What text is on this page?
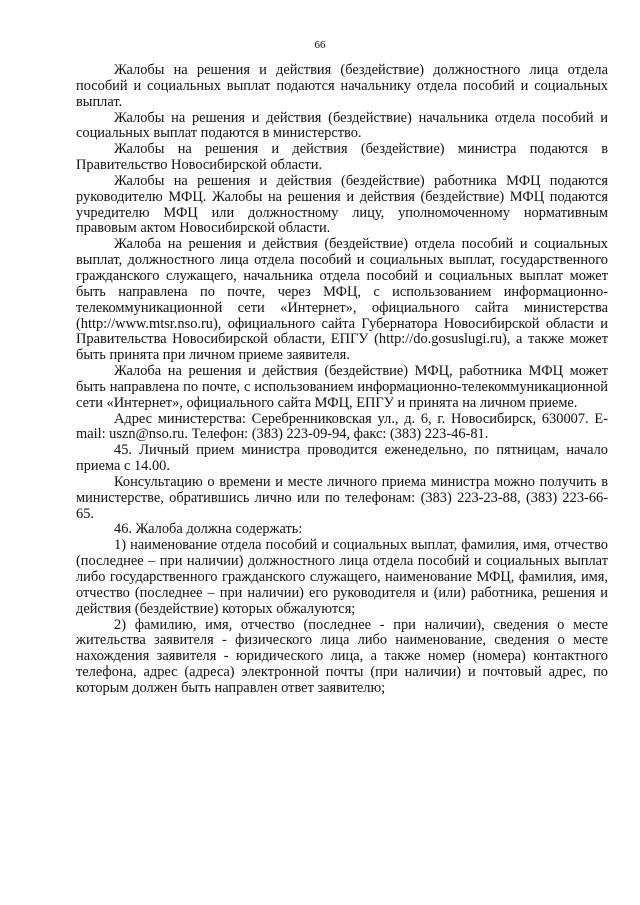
66

Жалобы на решения и действия (бездействие) должностного лица отдела пособий и социальных выплат подаются начальнику отдела пособий и социальных выплат.

Жалобы на решения и действия (бездействие) начальника отдела пособий и социальных выплат подаются в министерство.

Жалобы на решения и действия (бездействие) министра подаются в Правительство Новосибирской области.

Жалобы на решения и действия (бездействие) работника МФЦ подаются руководителю МФЦ. Жалобы на решения и действия (бездействие) МФЦ подаются учредителю МФЦ или должностному лицу, уполномоченному нормативным правовым актом Новосибирской области.

Жалоба на решения и действия (бездействие) отдела пособий и социальных выплат, должностного лица отдела пособий и социальных выплат, государственного гражданского служащего, начальника отдела пособий и социальных выплат может быть направлена по почте, через МФЦ, с использованием информационно-телекоммуникационной сети «Интернет», официального сайта министерства (http://www.mtsr.nso.ru), официального сайта Губернатора Новосибирской области и Правительства Новосибирской области, ЕПГУ (http://do.gosuslugi.ru), а также может быть принята при личном приеме заявителя.

Жалоба на решения и действия (бездействие) МФЦ, работника МФЦ может быть направлена по почте, с использованием информационно-телекоммуникационной сети «Интернет», официального сайта МФЦ, ЕПГУ и принята на личном приеме.

Адрес министерства: Серебренниковская ул., д. 6, г. Новосибирск, 630007. E-mail: uszn@nso.ru. Телефон: (383) 223-09-94, факс: (383) 223-46-81.

45. Личный прием министра проводится еженедельно, по пятницам, начало приема с 14.00.

Консультацию о времени и месте личного приема министра можно получить в министерстве, обратившись лично или по телефонам: (383) 223-23-88, (383) 223-66-65.

46. Жалоба должна содержать:

1) наименование отдела пособий и социальных выплат, фамилия, имя, отчество (последнее – при наличии) должностного лица отдела пособий и социальных выплат либо государственного гражданского служащего, наименование МФЦ, фамилия, имя, отчество (последнее – при наличии) его руководителя и (или) работника, решения и действия (бездействие) которых обжалуются;

2) фамилию, имя, отчество (последнее - при наличии), сведения о месте жительства заявителя - физического лица либо наименование, сведения о месте нахождения заявителя - юридического лица, а также номер (номера) контактного телефона, адрес (адреса) электронной почты (при наличии) и почтовый адрес, по которым должен быть направлен ответ заявителю;
